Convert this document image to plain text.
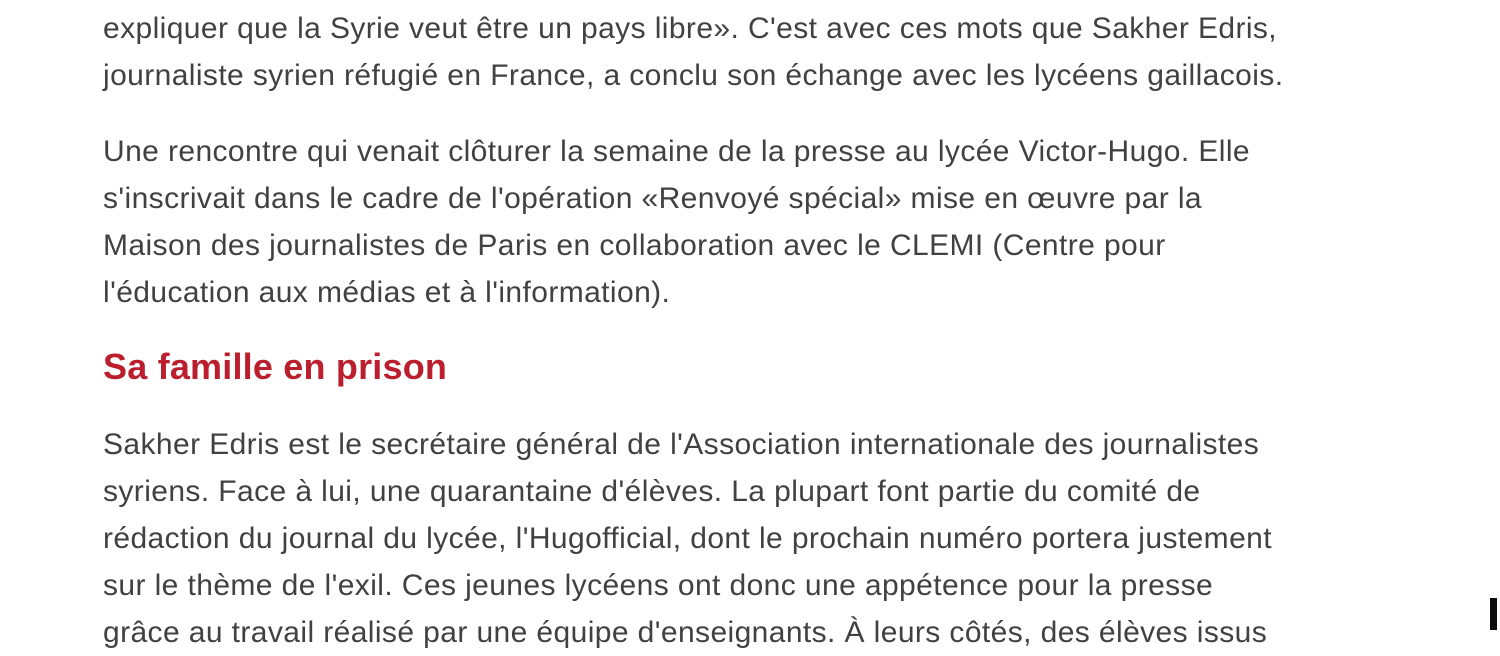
expliquer que la Syrie veut être un pays libre». C'est avec ces mots que Sakher Edris,
journaliste syrien réfugié en France, a conclu son échange avec les lycéens gaillacois.

Une rencontre qui venait clôturer la semaine de la presse au lycée Victor-Hugo. Elle
s'inscrivait dans le cadre de l'opération «Renvoyé spécial» mise en œuvre par la
Maison des journalistes de Paris en collaboration avec le CLEMI (Centre pour
l'éducation aux médias et à l'information).

Sa famille en prison

Sakher Edris est le secrétaire général de l'Association internationale des journalistes
syriens. Face à lui, une quarantaine d'élèves. La plupart font partie du comité de
rédaction du journal du lycée, l'Hugofficial, dont le prochain numéro portera justement
sur le thème de l'exil. Ces jeunes lycéens ont donc une appétence pour la presse
grâce au travail réalisé par une équipe d'enseignants. À leurs côtés, des élèves issus
